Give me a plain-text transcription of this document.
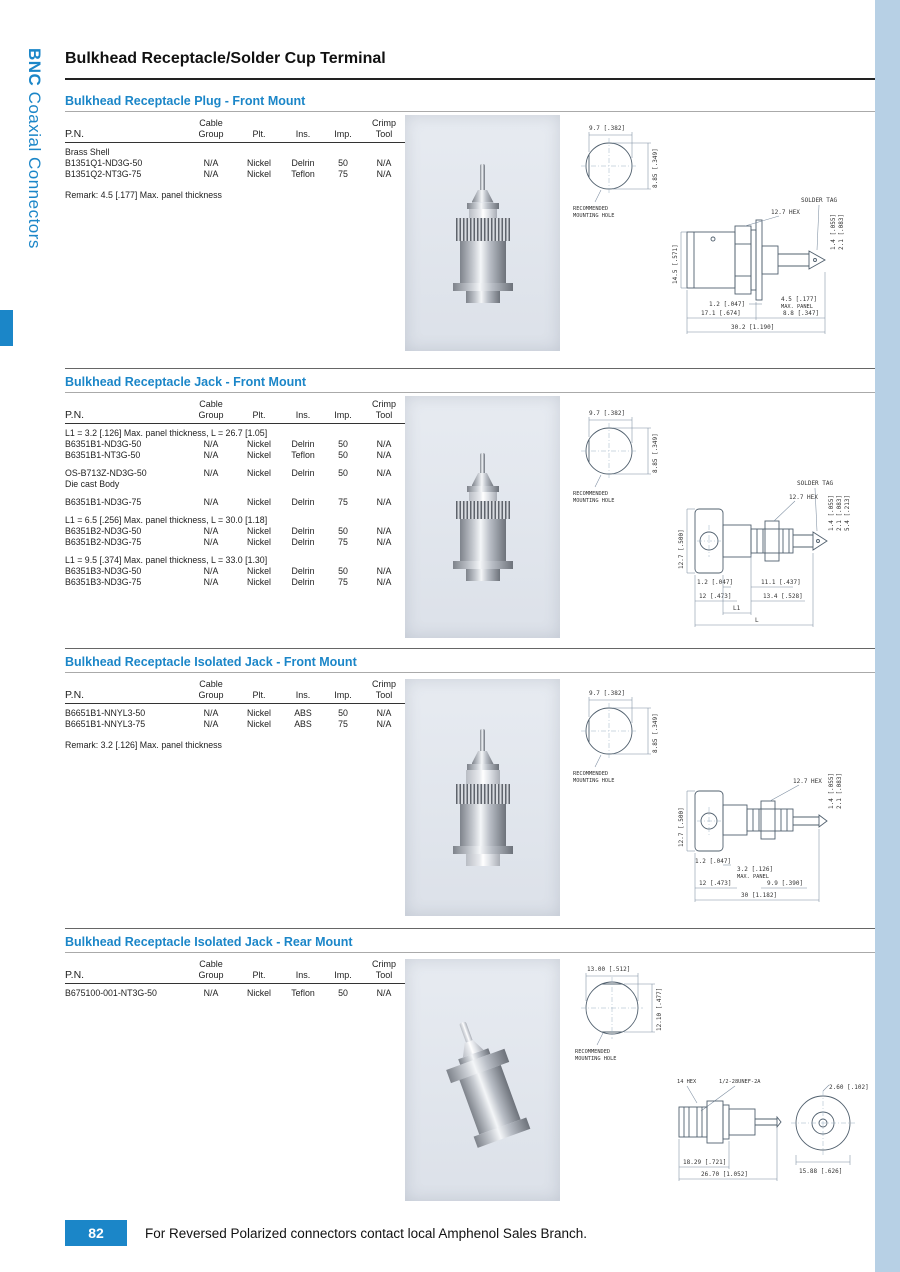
BNC Coaxial Connectors
Bulkhead Receptacle/Solder Cup Terminal
Bulkhead Receptacle Plug - Front Mount
Cable	Crimp
P.N.	Group	Plt.	Ins.	Imp.	Tool
Brass Shell
B1351Q1-ND3G-50	N/A	Nickel	Delrin	50	N/A
B1351Q2-NT3G-75	N/A	Nickel	Teflon	75	N/A
Remark: 4.5 [.177] Max. panel thickness
9.7 [.382]
8.85 [.349]
RECOMMENDED
MOUNTING HOLE
SOLDER TAG
12.7 HEX
14.5 [.571]
1.4 [.055] 2.1 [.083]
1.2 [.047]
4.5 [.177]
MAX. PANEL
17.1 [.674]	8.8 [.347]
30.2 [1.190]
Bulkhead Receptacle Jack - Front Mount
Cable	Crimp
P.N.	Group	Plt.	Ins.	Imp.	Tool
L1 = 3.2 [.126] Max. panel thickness, L = 26.7 [1.05]
B6351B1-ND3G-50	N/A	Nickel	Delrin	50	N/A
B6351B1-NT3G-50	N/A	Nickel	Teflon	50	N/A
OS-B713Z-ND3G-50	N/A	Nickel	Delrin	50	N/A
Die cast Body
B6351B1-ND3G-75	N/A	Nickel	Delrin	75	N/A
L1 = 6.5 [.256] Max. panel thickness, L = 30.0 [1.18]
B6351B2-ND3G-50	N/A	Nickel	Delrin	50	N/A
B6351B2-ND3G-75	N/A	Nickel	Delrin	75	N/A
L1 = 9.5 [.374] Max. panel thickness, L = 33.0 [1.30]
B6351B3-ND3G-50	N/A	Nickel	Delrin	50	N/A
B6351B3-ND3G-75	N/A	Nickel	Delrin	75	N/A
9.7 [.382]
8.85 [.349]
RECOMMENDED
MOUNTING HOLE
SOLDER TAG
12.7 HEX
12.7 [.500]
1.4 [.055] 2.1 [.083] 5.4 [.213]
1.2 [.047]	11.1 [.437]
12 [.473]	13.4 [.528]
L1
L
Bulkhead Receptacle Isolated Jack - Front Mount
Cable	Crimp
P.N.	Group	Plt.	Ins.	Imp.	Tool
B6651B1-NNYL3-50	N/A	Nickel	ABS	50	N/A
B6651B1-NNYL3-75	N/A	Nickel	ABS	75	N/A
Remark: 3.2 [.126] Max. panel thickness
9.7 [.382]
8.85 [.349]
RECOMMENDED
MOUNTING HOLE	12.7 HEX
12.7 [.500]
1.4 [.055] 2.1 [.083]
1.2 [.047]
3.2 [.126]
MAX. PANEL
12 [.473]	9.9 [.390]
30 [1.182]
Bulkhead Receptacle Isolated Jack - Rear Mount
Cable	Crimp
P.N.	Group	Plt.	Ins.	Imp.	Tool
B675100-001-NT3G-50	N/A	Nickel	Teflon	50	N/A
13.00 [.512]
12.10 [.477]
RECOMMENDED
MOUNTING HOLE
14 HEX	1/2-28UNEF-2A
18.29 [.721]
26.70 [1.052]
2.60 [.102]
15.88 [.626]
82	For Reversed Polarized connectors contact local Amphenol Sales Branch.
